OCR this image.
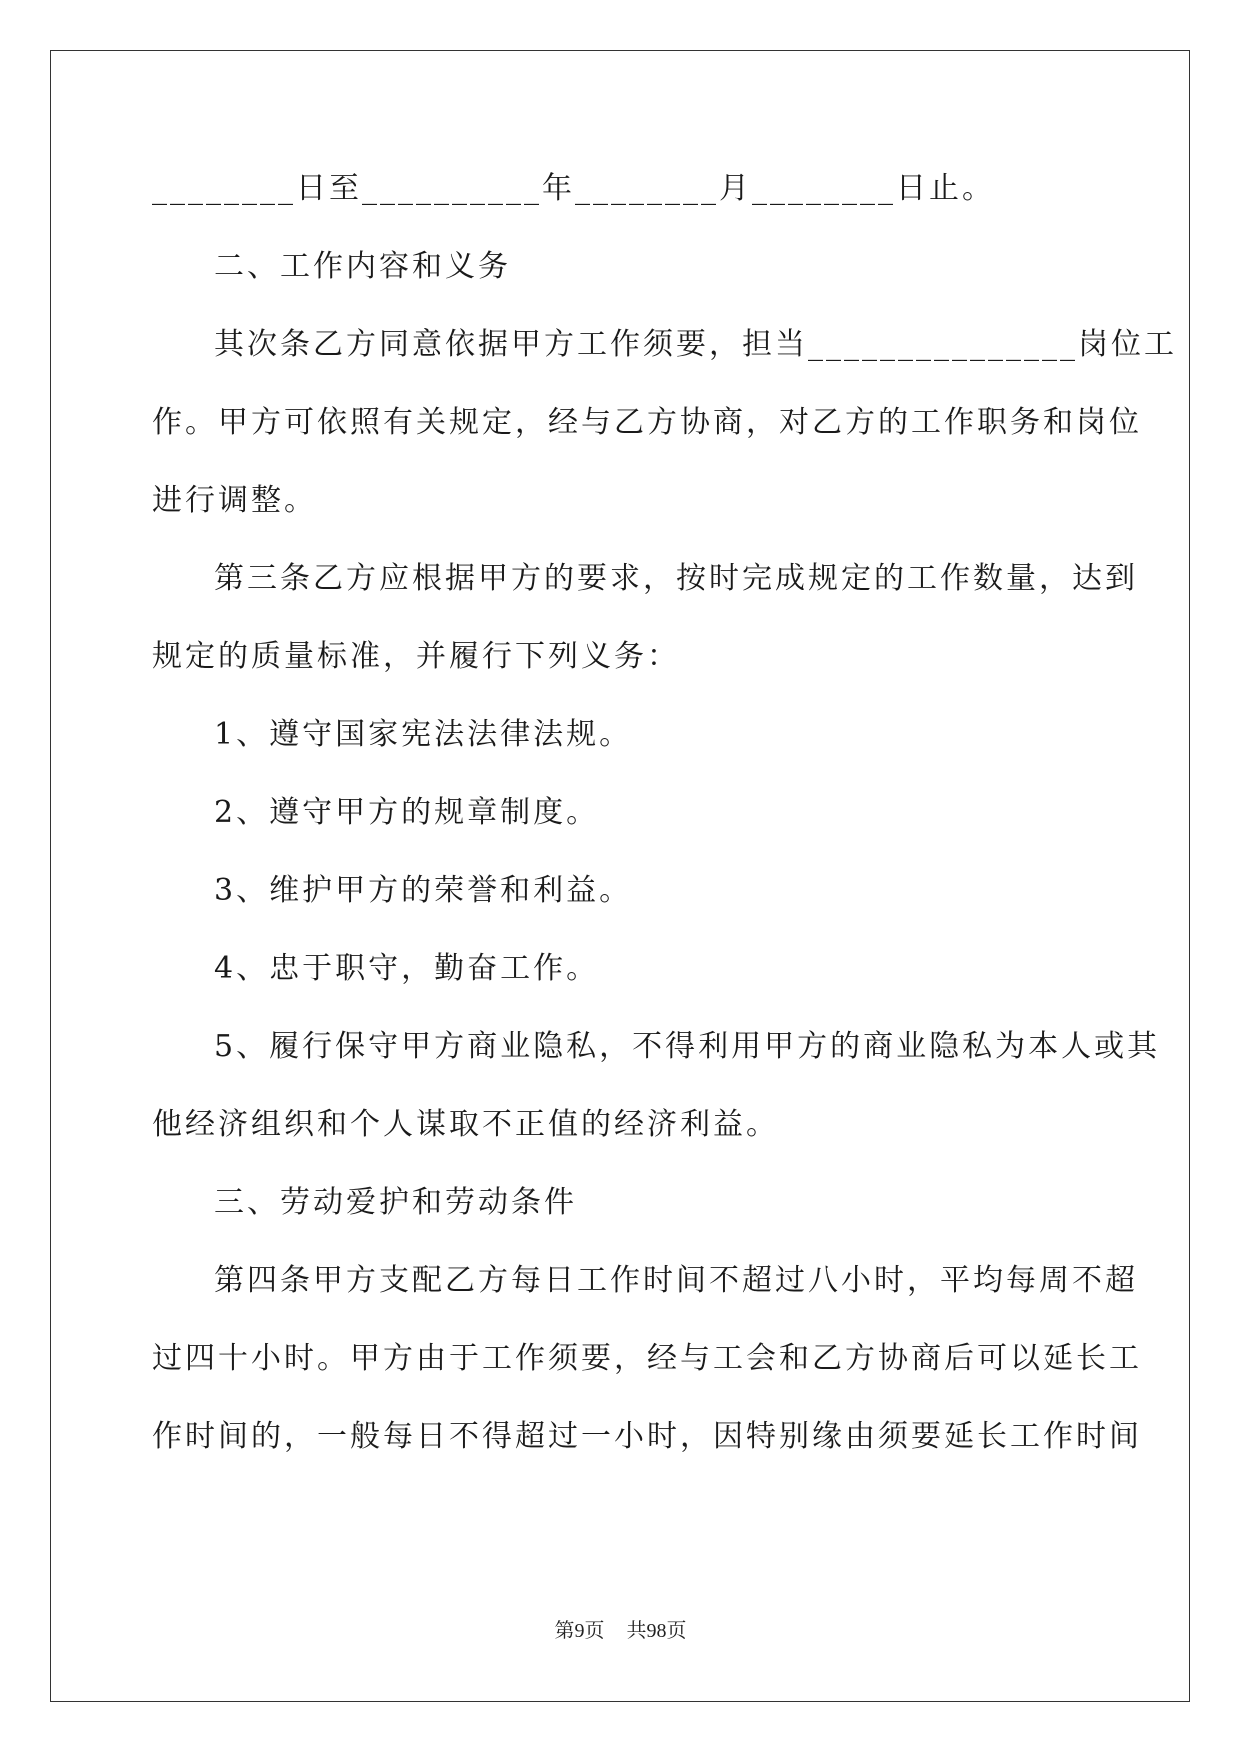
________日至__________年________月________日止。
二、工作内容和义务
其次条乙方同意依据甲方工作须要，担当_______________岗位工
作。甲方可依照有关规定，经与乙方协商，对乙方的工作职务和岗位
进行调整。
第三条乙方应根据甲方的要求，按时完成规定的工作数量，达到
规定的质量标准，并履行下列义务：
1、遵守国家宪法法律法规。
2、遵守甲方的规章制度。
3、维护甲方的荣誉和利益。
4、忠于职守，勤奋工作。
5、履行保守甲方商业隐私，不得利用甲方的商业隐私为本人或其
他经济组织和个人谋取不正值的经济利益。
三、劳动爱护和劳动条件
第四条甲方支配乙方每日工作时间不超过八小时，平均每周不超
过四十小时。甲方由于工作须要，经与工会和乙方协商后可以延长工
作时间的，一般每日不得超过一小时，因特别缘由须要延长工作时间
第9页 共98页
